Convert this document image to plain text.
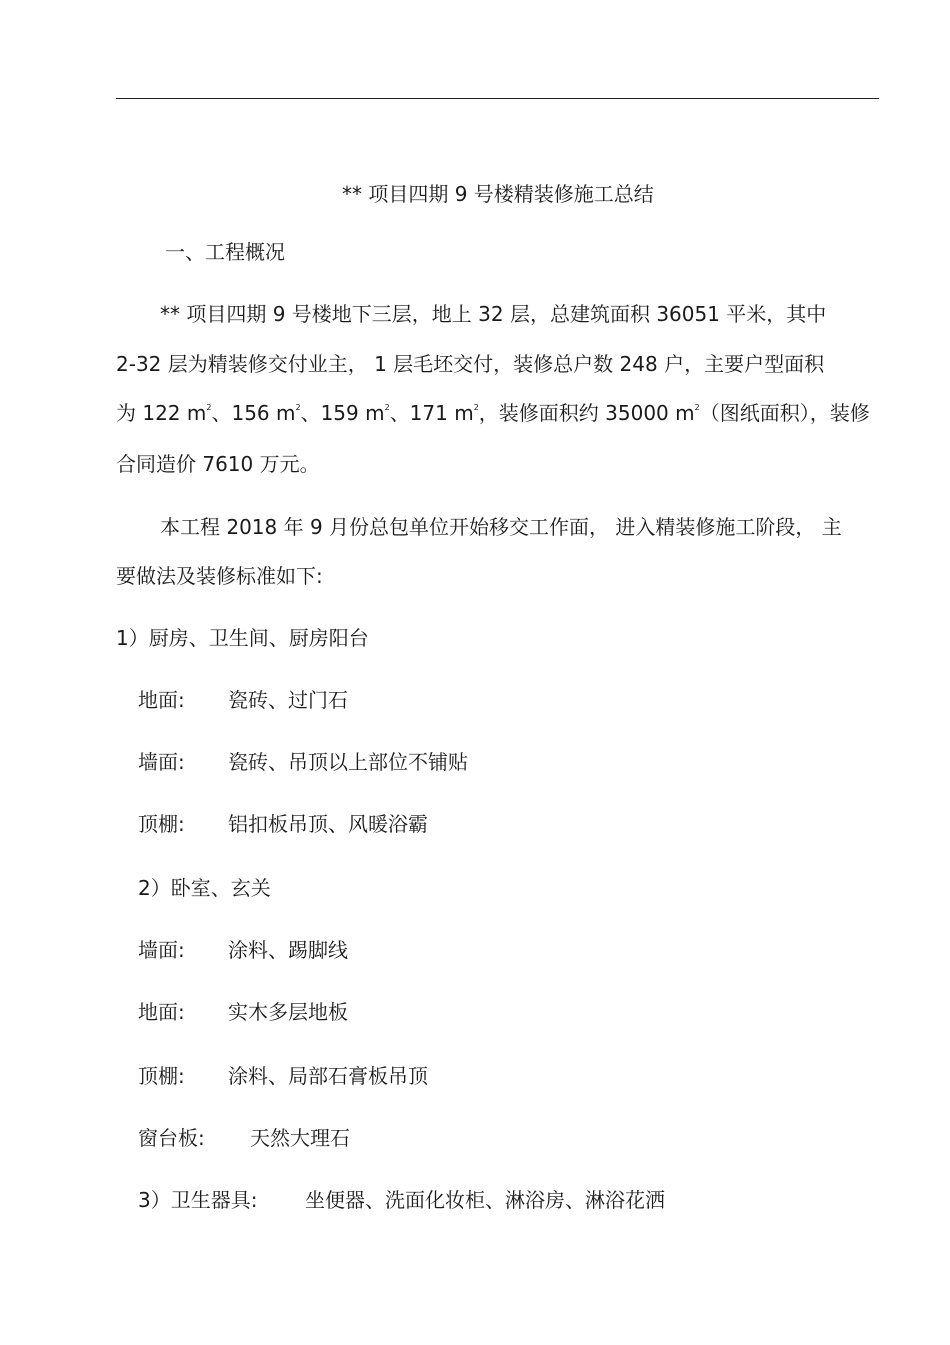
** 项目四期 9 号楼精装修施工总结
一、工程概况
** 项目四期 9 号楼地下三层，地上 32 层，总建筑面积 36051 平米，其中
2-32 层为精装修交付业主， 1 层毛坯交付，装修总户数 248 户，主要户型面积
为 122 $m^2$、156 $m^2$、159 $m^2$、171 $m^2$，装修面积约 35000 $m^2$（图纸面积），装修
合同造价 7610 万元。
本工程 2018 年 9 月份总包单位开始移交工作面， 进入精装修施工阶段， 主
要做法及装修标准如下:
1）厨房、卫生间、厨房阳台
地面: 瓷砖、过门石
墙面: 瓷砖、吊顶以上部位不铺贴
顶棚: 铝扣板吊顶、风暖浴霸
2）卧室、玄关
墙面: 涂料、踢脚线
地面: 实木多层地板
顶棚: 涂料、局部石膏板吊顶
窗台板: 天然大理石
3）卫生器具: 坐便器、洗面化妆柜、淋浴房、淋浴花洒
